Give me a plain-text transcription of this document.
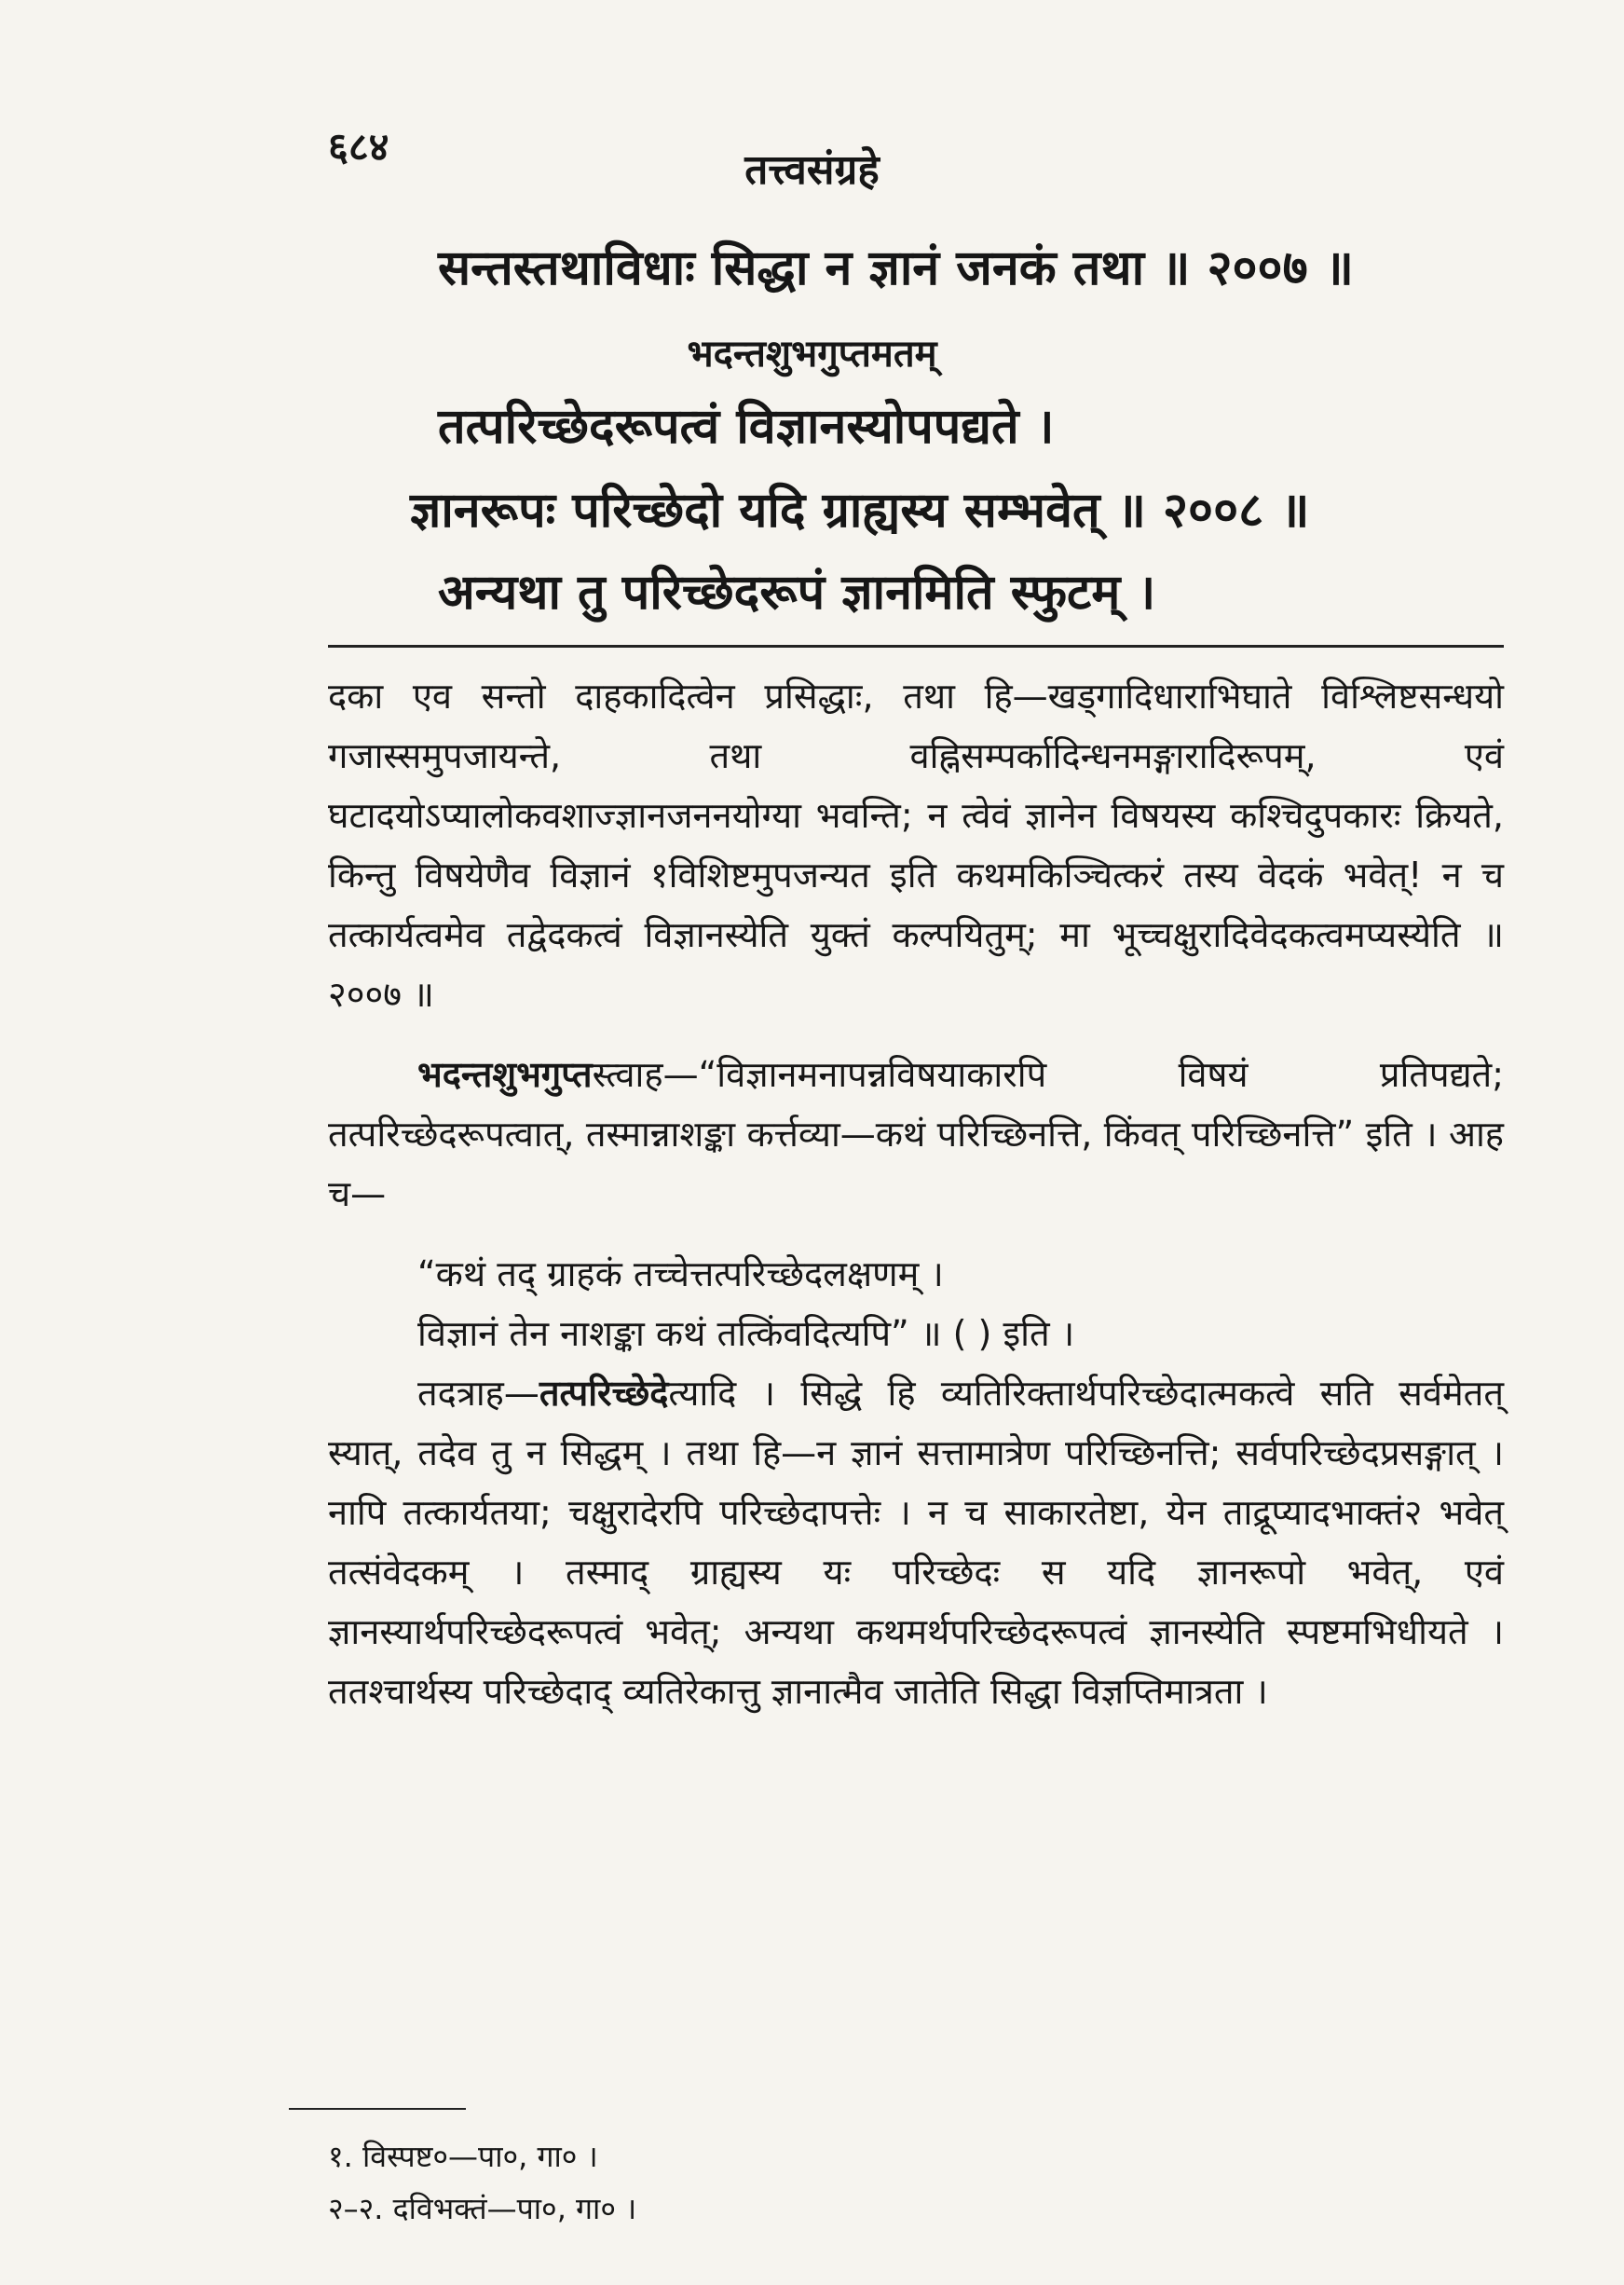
६८४	तत्त्वसंग्रहे
सन्तस्तथाविधाः सिद्धा न ज्ञानं जनकं तथा ॥ २००७ ॥
भदन्तशुभगुप्तमतम्
तत्परिच्छेदरूपत्वं विज्ञानस्योपपद्यते ।
ज्ञानरूपः परिच्छेदो यदि ग्राह्यस्य सम्भवेत् ॥ २००८ ॥
अन्यथा तु परिच्छेदरूपं ज्ञानमिति स्फुटम् ।

दका एव सन्तो दाहकादित्वेन प्रसिद्धाः, तथा हि—खड्गादिधाराभिघाते विश्लिष्टसन्धयो गजास्समुपजायन्ते, तथा वह्निसम्पर्कादिन्धनमङ्गारादिरूपम्, एवं घटादयोऽप्यालोकवशाज्ज्ञानजननयोग्या भवन्ति; न त्वेवं ज्ञानेन विषयस्य कश्चिदुपकारः क्रियते, किन्तु विषयेणैव विज्ञानं १विशिष्टमुपजन्यत इति कथमकिञ्चित्करं तस्य वेदकं भवेत्! न च तत्कार्यत्वमेव तद्वेदकत्वं विज्ञानस्येति युक्तं कल्पयितुम्; मा भूच्चक्षुरादिवेदकत्वमप्यस्येति ॥ २००७ ॥

भदन्तशुभगुप्तस्त्वाह—“विज्ञानमनापन्नविषयाकारपि विषयं प्रतिपद्यते; तत्परिच्छेदरूपत्वात्, तस्मान्नाशङ्का कर्त्तव्या—कथं परिच्छिनत्ति, किंवत् परिच्छिनत्ति” इति । आह च—

“कथं तद् ग्राहकं तच्चेत्तत्परिच्छेदलक्षणम् ।

विज्ञानं तेन नाशङ्का कथं तत्किंवदित्यपि” ॥ ( ) इति ।

तदत्राह—तत्परिच्छेदेत्यादि । सिद्धे हि व्यतिरिक्तार्थपरिच्छेदात्मकत्वे सति सर्वमेतत् स्यात्, तदेव तु न सिद्धम् । तथा हि—न ज्ञानं सत्तामात्रेण परिच्छिनत्ति; सर्वपरिच्छेदप्रसङ्गात् । नापि तत्कार्यतया; चक्षुरादेरपि परिच्छेदापत्तेः । न च साकारतेष्टा, येन ताद्रूप्यादभाक्तं२ भवेत् तत्संवेदकम् । तस्माद् ग्राह्यस्य यः परिच्छेदः स यदि ज्ञानरूपो भवेत्, एवं ज्ञानस्यार्थपरिच्छेदरूपत्वं भवेत्; अन्यथा कथमर्थपरिच्छेदरूपत्वं ज्ञानस्येति स्पष्टमभिधीयते । ततश्चार्थस्य परिच्छेदाद् व्यतिरेकात्तु ज्ञानात्मैव जातेति सिद्धा विज्ञप्तिमात्रता ।

१. विस्पष्ट०—पा०, गा० ।
२–२. दविभक्तं—पा०, गा० ।
